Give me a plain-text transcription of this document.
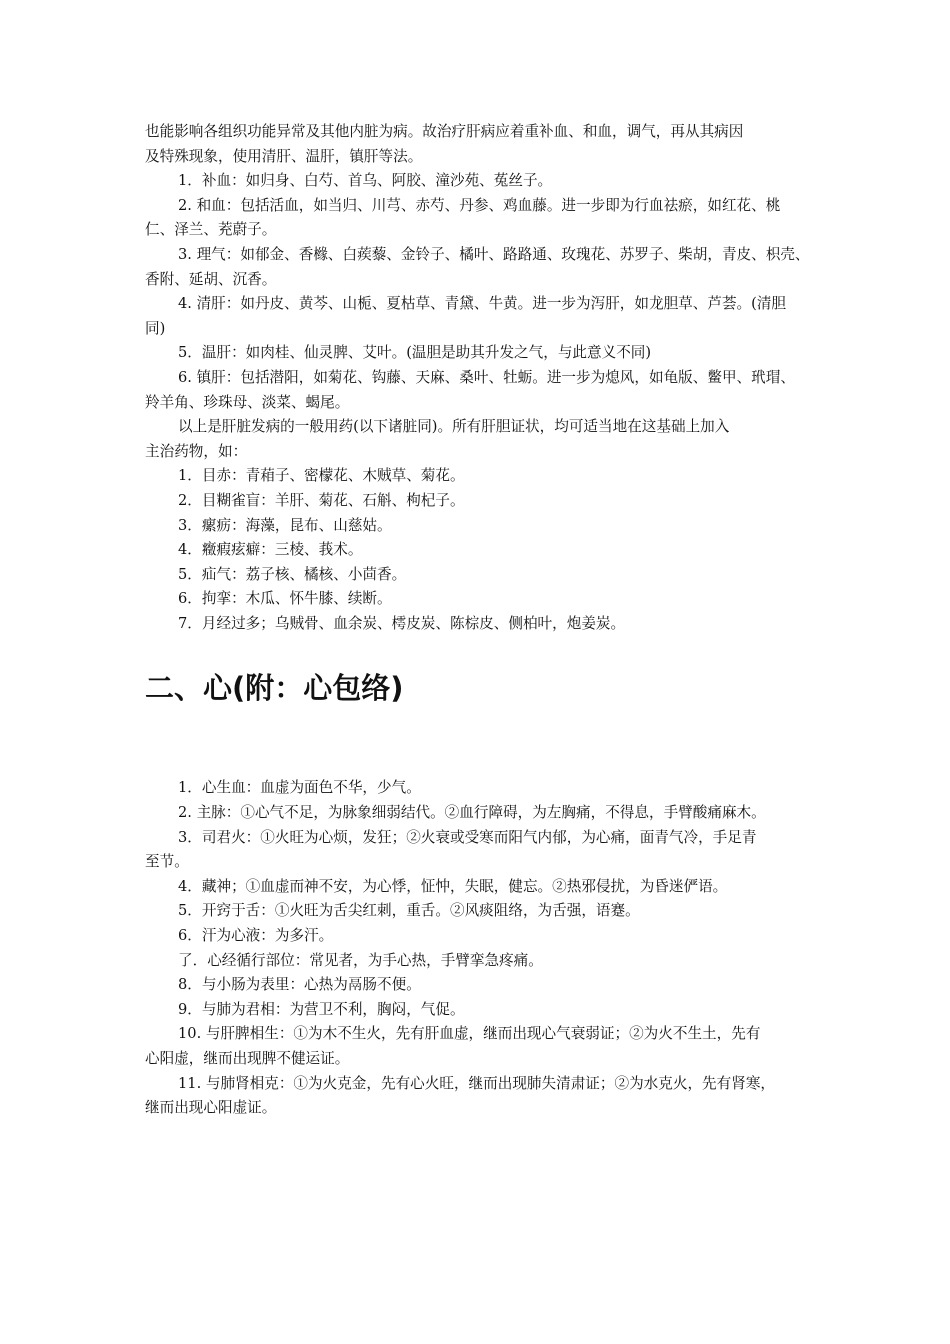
也能影响各组织功能异常及其他内脏为病。故治疗肝病应着重补血、和血，调气，再从其病因
及特殊现象，使用清肝、温肝，镇肝等法。
1．补血：如归身、白芍、首乌、阿胶、潼沙苑、菟丝子。
2. 和血：包括活血，如当归、川芎、赤芍、丹参、鸡血藤。进一步即为行血祛瘀，如红花、桃
仁、泽兰、茺蔚子。
3. 理气：如郁金、香橼、白蒺藜、金铃子、橘叶、路路通、玫瑰花、苏罗子、柴胡，青皮、枳壳、
香附、延胡、沉香。
4. 清肝：如丹皮、黄芩、山栀、夏枯草、青黛、牛黄。进一步为泻肝，如龙胆草、芦荟。(清胆
同)
5．温肝：如肉桂、仙灵脾、艾叶。(温胆是助其升发之气，与此意义不同)
6. 镇肝：包括潜阳，如菊花、钩藤、天麻、桑叶、牡蛎。进一步为熄风，如龟版、鳖甲、玳瑁、
羚羊角、珍珠母、淡菜、蝎尾。
以上是肝脏发病的一般用药(以下诸脏同)。所有肝胆证状，均可适当地在这基础上加入
主治药物，如：
1．目赤：青葙子、密檬花、木贼草、菊花。
2．目糊雀盲：羊肝、菊花、石斛、枸杞子。
3．瘰疬：海藻，昆布、山慈姑。
4．癥瘕痃癖：三棱、莪术。
5．疝气：荔子核、橘核、小茴香。
6．拘挛：木瓜、怀牛膝、续断。
7．月经过多；乌贼骨、血余炭、樗皮炭、陈棕皮、侧柏叶，炮姜炭。
二、心(附：心包络)
1．心生血：血虚为面色不华，少气。
2. 主脉：①心气不足，为脉象细弱结代。②血行障碍，为左胸痛，不得息，手臂酸痛麻木。
3．司君火：①火旺为心烦，发狂；②火衰或受寒而阳气内郁，为心痛，面青气冷，手足青
至节。
4．藏神；①血虚而神不安，为心悸，怔忡，失眠，健忘。②热邪侵扰，为昏迷俨语。
5．开窍于舌：①火旺为舌尖红刺，重舌。②风痰阻络，为舌强，语蹇。
6．汗为心液：为多汗。
了．心经循行部位：常见者，为手心热，手臂挛急疼痛。
8．与小肠为表里：心热为鬲肠不便。
9．与肺为君相：为营卫不利，胸闷，气促。
10. 与肝脾相生：①为木不生火，先有肝血虚，继而出现心气衰弱证；②为火不生土，先有
心阳虚，继而出现脾不健运证。
11. 与肺肾相克：①为火克金，先有心火旺，继而出现肺失清肃证；②为水克火，先有肾寒，
继而出现心阳虚证。
